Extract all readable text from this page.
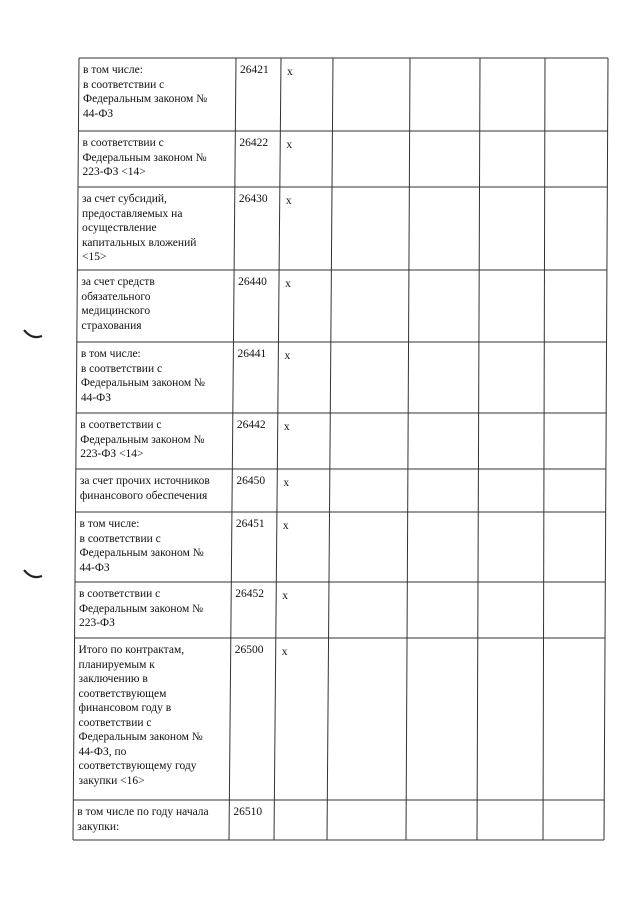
в том числе:
в соответствии с
Федеральным законом №
44-ФЗ
26421 x
в соответствии с
Федеральным законом №
223-ФЗ <14>
26422 x
за счет субсидий,
предоставляемых на
осуществление
капитальных вложений
<15>
26430 x
за счет средств
обязательного
медицинского
страхования
26440 x
в том числе:
в соответствии с
Федеральным законом №
44-ФЗ
26441 x
в соответствии с
Федеральным законом №
223-ФЗ <14>
26442 x
за счет прочих источников
финансового обеспечения
26450 x
в том числе:
в соответствии с
Федеральным законом №
44-ФЗ
26451 x
в соответствии с
Федеральным законом №
223-ФЗ
26452 x
Итого по контрактам,
планируемым к
заключению в
соответствующем
финансовом году в
соответствии с
Федеральным законом №
44-ФЗ, по
соответствующему году
закупки <16>
26500 x
в том числе по году начала
закупки:
26510
